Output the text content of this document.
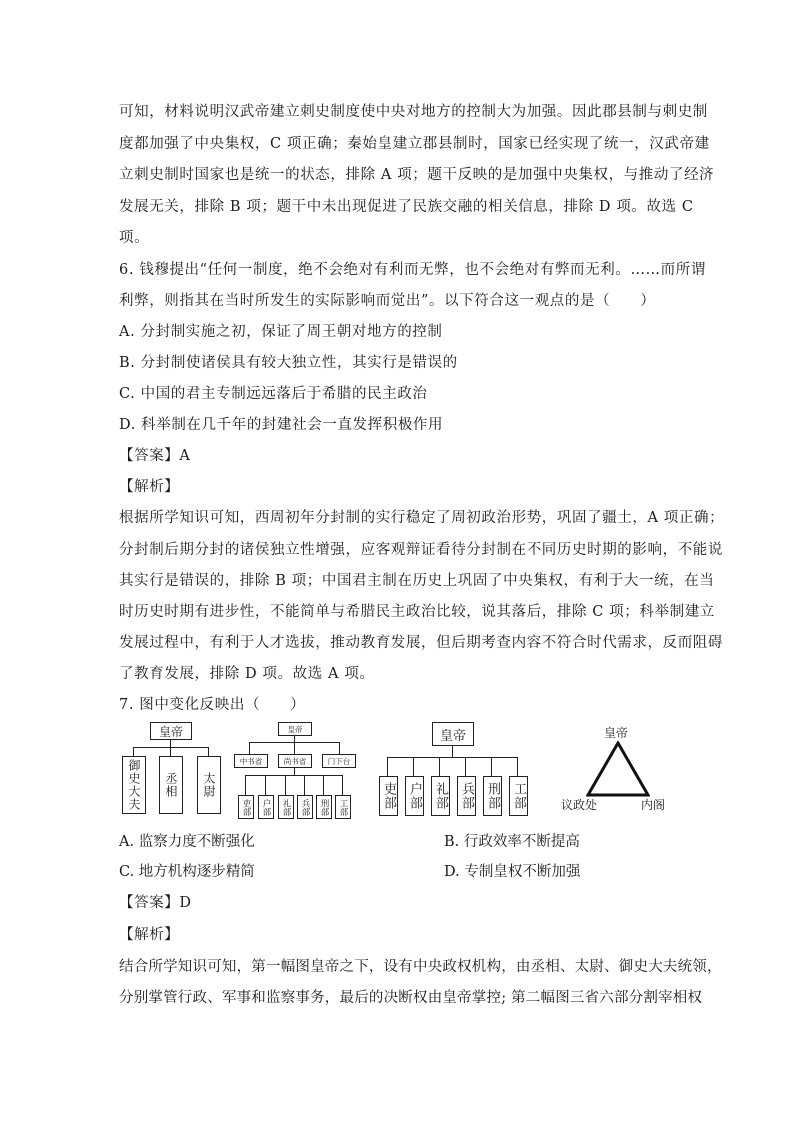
可知，材料说明汉武帝建立刺史制度使中央对地方的控制大为加强。因此郡县制与刺史制
度都加强了中央集权，C 项正确；秦始皇建立郡县制时，国家已经实现了统一，汉武帝建
立刺史制时国家也是统一的状态，排除 A 项；题干反映的是加强中央集权，与推动了经济
发展无关，排除 B 项；题干中未出现促进了民族交融的相关信息，排除 D 项。故选 C
项。
6. 钱穆提出“任何一制度，绝不会绝对有利而无弊，也不会绝对有弊而无利。……而所谓
利弊，则指其在当时所发生的实际影响而觉出”。以下符合这一观点的是（　　）
A. 分封制实施之初，保证了周王朝对地方的控制
B. 分封制使诸侯具有较大独立性，其实行是错误的
C. 中国的君主专制远远落后于希腊的民主政治
D. 科举制在几千年的封建社会一直发挥积极作用
【答案】A
【解析】
根据所学知识可知，西周初年分封制的实行稳定了周初政治形势，巩固了疆土，A 项正确；
分封制后期分封的诸侯独立性增强，应客观辩证看待分封制在不同历史时期的影响，不能说
其实行是错误的，排除 B 项；中国君主制在历史上巩固了中央集权，有利于大一统，在当
时历史时期有进步性，不能简单与希腊民主政治比较，说其落后，排除 C 项；科举制建立
发展过程中，有利于人才选拔，推动教育发展，但后期考查内容不符合时代需求，反而阻碍
了教育发展，排除 D 项。故选 A 项。
7. 图中变化反映出（　　）
皇帝
御史大夫	丞相	太尉
皇帝
中书省	尚书省	门下台
吏部	户部	礼部	兵部	刑部	工部
皇帝
吏部 户部 礼部 兵部 刑部 工部
皇帝
议政处	内阁
A. 监察力度不断强化	B. 行政效率不断提高
C. 地方机构逐步精简	D. 专制皇权不断加强
【答案】D
【解析】
结合所学知识可知，第一幅图皇帝之下，设有中央政权机构，由丞相、太尉、御史大夫统领，
分别掌管行政、军事和监察事务，最后的决断权由皇帝掌控; 第二幅图三省六部分割宰相权
